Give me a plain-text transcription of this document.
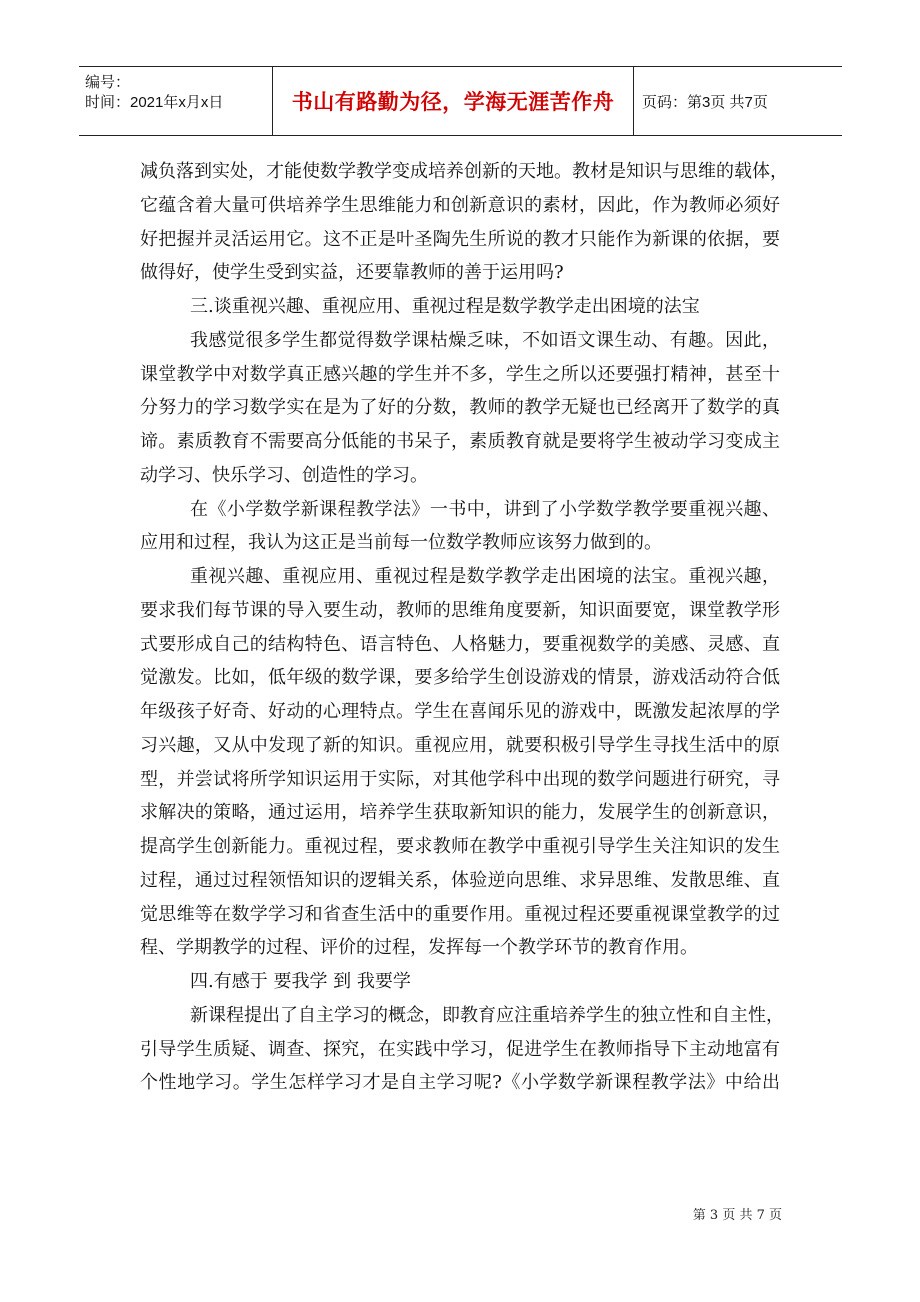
编号：
时间：2021年x月x日	书山有路勤为径，学海无涯苦作舟 页码：第3页 共7页
减负落到实处，才能使数学教学变成培养创新的天地。教材是知识与思维的载体，
它蕴含着大量可供培养学生思维能力和创新意识的素材，因此，作为教师必须好
好把握并灵活运用它。这不正是叶圣陶先生所说的教才只能作为新课的依据，要
做得好，使学生受到实益，还要靠教师的善于运用吗?
三.谈重视兴趣、重视应用、重视过程是数学教学走出困境的法宝
我感觉很多学生都觉得数学课枯燥乏味，不如语文课生动、有趣。因此，
课堂教学中对数学真正感兴趣的学生并不多，学生之所以还要强打精神，甚至十
分努力的学习数学实在是为了好的分数，教师的教学无疑也已经离开了数学的真
谛。素质教育不需要高分低能的书呆子，素质教育就是要将学生被动学习变成主
动学习、快乐学习、创造性的学习。
在《小学数学新课程教学法》一书中，讲到了小学数学教学要重视兴趣、
应用和过程，我认为这正是当前每一位数学教师应该努力做到的。
重视兴趣、重视应用、重视过程是数学教学走出困境的法宝。重视兴趣，
要求我们每节课的导入要生动，教师的思维角度要新，知识面要宽，课堂教学形
式要形成自己的结构特色、语言特色、人格魅力，要重视数学的美感、灵感、直
觉激发。比如，低年级的数学课，要多给学生创设游戏的情景，游戏活动符合低
年级孩子好奇、好动的心理特点。学生在喜闻乐见的游戏中，既激发起浓厚的学
习兴趣，又从中发现了新的知识。重视应用，就要积极引导学生寻找生活中的原
型，并尝试将所学知识运用于实际，对其他学科中出现的数学问题进行研究，寻
求解决的策略，通过运用，培养学生获取新知识的能力，发展学生的创新意识，
提高学生创新能力。重视过程，要求教师在教学中重视引导学生关注知识的发生
过程，通过过程领悟知识的逻辑关系，体验逆向思维、求异思维、发散思维、直
觉思维等在数学学习和省查生活中的重要作用。重视过程还要重视课堂教学的过
程、学期教学的过程、评价的过程，发挥每一个教学环节的教育作用。
四.有感于 要我学 到 我要学
新课程提出了自主学习的概念，即教育应注重培养学生的独立性和自主性，
引导学生质疑、调查、探究，在实践中学习，促进学生在教师指导下主动地富有
个性地学习。学生怎样学习才是自主学习呢?《小学数学新课程教学法》中给出
第 3 页 共 7 页
